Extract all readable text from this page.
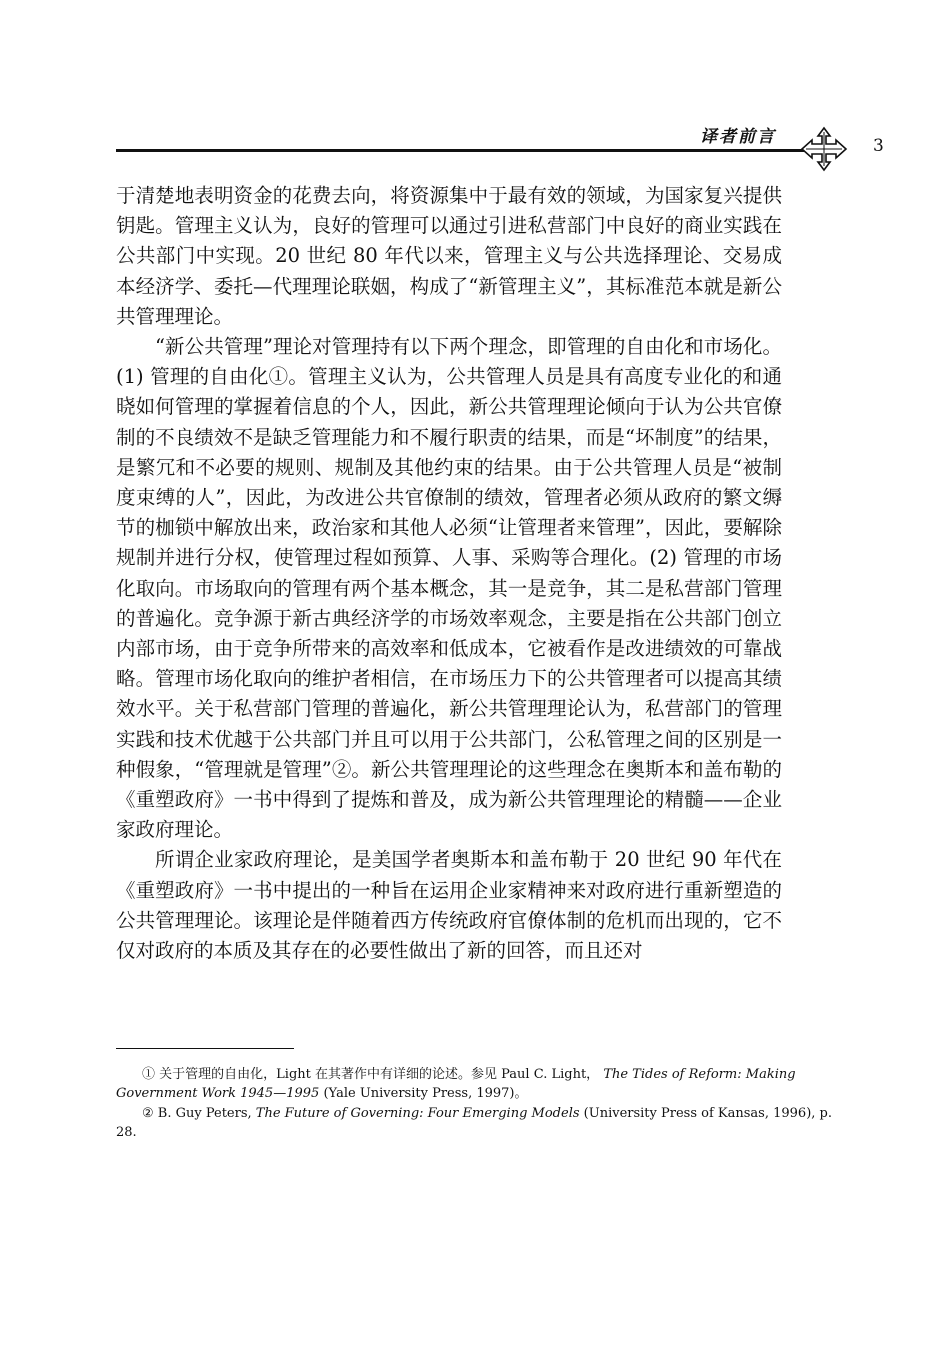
译者前言	3

于清楚地表明资金的花费去向，将资源集中于最有效的领域，为国家复兴提供钥匙。管理主义认为，良好的管理可以通过引进私营部门中良好的商业实践在公共部门中实现。20 世纪 80 年代以来，管理主义与公共选择理论、交易成本经济学、委托—代理理论联姻，构成了“新管理主义”，其标准范本就是新公共管理理论。

“新公共管理”理论对管理持有以下两个理念，即管理的自由化和市场化。(1) 管理的自由化①。管理主义认为，公共管理人员是具有高度专业化的和通晓如何管理的掌握着信息的个人，因此，新公共管理理论倾向于认为公共官僚制的不良绩效不是缺乏管理能力和不履行职责的结果，而是“坏制度”的结果，是繁冗和不必要的规则、规制及其他约束的结果。由于公共管理人员是“被制度束缚的人”，因此，为改进公共官僚制的绩效，管理者必须从政府的繁文缛节的枷锁中解放出来，政治家和其他人必须“让管理者来管理”，因此，要解除规制并进行分权，使管理过程如预算、人事、采购等合理化。(2) 管理的市场化取向。市场取向的管理有两个基本概念，其一是竞争，其二是私营部门管理的普遍化。竞争源于新古典经济学的市场效率观念，主要是指在公共部门创立内部市场，由于竞争所带来的高效率和低成本，它被看作是改进绩效的可靠战略。管理市场化取向的维护者相信，在市场压力下的公共管理者可以提高其绩效水平。关于私营部门管理的普遍化，新公共管理理论认为，私营部门的管理实践和技术优越于公共部门并且可以用于公共部门，公私管理之间的区别是一种假象，“管理就是管理”②。新公共管理理论的这些理念在奥斯本和盖布勒的《重塑政府》一书中得到了提炼和普及，成为新公共管理理论的精髓——企业家政府理论。

所谓企业家政府理论，是美国学者奥斯本和盖布勒于 20 世纪 90 年代在《重塑政府》一书中提出的一种旨在运用企业家精神来对政府进行重新塑造的公共管理理论。该理论是伴随着西方传统政府官僚体制的危机而出现的，它不仅对政府的本质及其存在的必要性做出了新的回答，而且还对

① 关于管理的自由化，Light 在其著作中有详细的论述。参见 Paul C. Light， The Tides of Reform: Making Government Work 1945—1995 (Yale University Press, 1997)。

② B. Guy Peters, The Future of Governing: Four Emerging Models (University Press of Kansas, 1996), p. 28.
